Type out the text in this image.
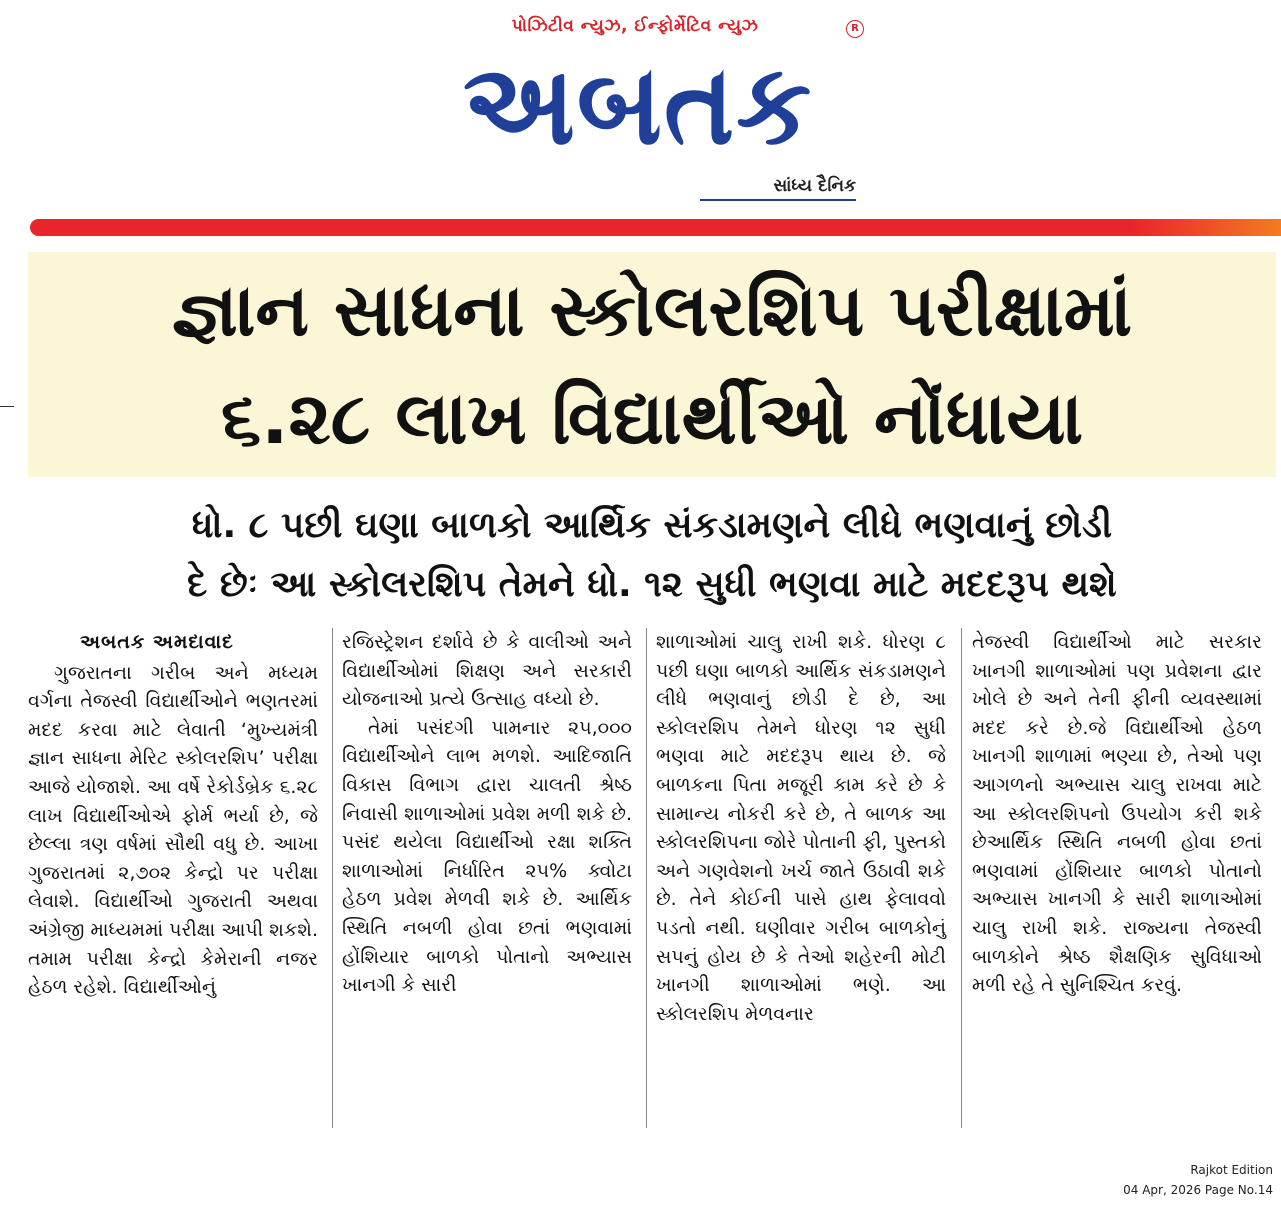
પોઝિટીવ ન્યુઝ, ઈન્ફોર્મેટિવ ન્યુઝ	R
અબતક
સાંધ્ય દૈનિક
જ્ઞાન સાધના સ્કોલરશિપ પરીક્ષામાં
૬.૨૮ લાખ વિદ્યાર્થીઓ નોંધાયા
ધો. ૮ પછી ઘણા બાળકો આર્થિક સંકડામણને લીધે ભણવાનું છોડી
દે છેઃ આ સ્કોલરશિપ તેમને ધો. ૧૨ સુધી ભણવા માટે મદદરૂપ થશે
અબતક અમદાવાદ
ગુજરાતના ગરીબ અને મધ્યમ વર્ગના તેજસ્વી વિદ્યાર્થીઓને ભણતરમાં મદદ કરવા માટે લેવાતી ‘મુખ્યમંત્રી જ્ઞાન સાધના મેરિટ સ્કોલરશિપ’ પરીક્ષા આજે યોજાશે. આ વર્ષે રેકોર્ડબ્રેક ૬.૨૮ લાખ વિદ્યાર્થીઓએ ફોર્મ ભર્યા છે, જે છેલ્લા ત્રણ વર્ષમાં સૌથી વધુ છે. આખા ગુજરાતમાં ૨,૭૦૨ કેન્દ્રો પર પરીક્ષા લેવાશે. વિદ્યાર્થીઓ ગુજરાતી અથવા અંગ્રેજી માધ્યમમાં પરીક્ષા આપી શકશે. તમામ પરીક્ષા કેન્દ્રો કેમેરાની નજર હેઠળ રહેશે. વિદ્યાર્થીઓનું
રજિસ્ટ્રેશન દર્શાવે છે કે વાલીઓ અને વિદ્યાર્થીઓમાં શિક્ષણ અને સરકારી યોજનાઓ પ્રત્યે ઉત્સાહ વધ્યો છે.
તેમાં પસંદગી પામનાર ૨૫,૦૦૦ વિદ્યાર્થીઓને લાભ મળશે. આદિજાતિ વિકાસ વિભાગ દ્વારા ચાલતી શ્રેષ્ઠ નિવાસી શાળાઓમાં પ્રવેશ મળી શકે છે. પસંદ થયેલા વિદ્યાર્થીઓ રક્ષા શક્તિ શાળાઓમાં નિર્ધારિત ૨૫% ક્વોટા હેઠળ પ્રવેશ મેળવી શકે છે. આર્થિક સ્થિતિ નબળી હોવા છતાં ભણવામાં હોંશિયાર બાળકો પોતાનો અભ્યાસ ખાનગી કે સારી
શાળાઓમાં ચાલુ રાખી શકે. ધોરણ ૮ પછી ઘણા બાળકો આર્થિક સંકડામણને લીધે ભણવાનું છોડી દે છે, આ સ્કોલરશિપ તેમને ધોરણ ૧૨ સુધી ભણવા માટે મદદરૂપ થાય છે. જે બાળકના પિતા મજૂરી કામ કરે છે કે સામાન્ય નોકરી કરે છે, તે બાળક આ સ્કોલરશિપના જોરે પોતાની ફી, પુસ્તકો અને ગણવેશનો ખર્ચ જાતે ઉઠાવી શકે છે. તેને કોઈની પાસે હાથ ફેલાવવો પડતો નથી. ઘણીવાર ગરીબ બાળકોનું સપનું હોય છે કે તેઓ શહેરની મોટી ખાનગી શાળાઓમાં ભણે. આ સ્કોલરશિપ મેળવનાર
તેજસ્વી વિદ્યાર્થીઓ માટે સરકાર ખાનગી શાળાઓમાં પણ પ્રવેશના દ્વાર ખોલે છે અને તેની ફીની વ્યવસ્થામાં મદદ કરે છે.જે વિદ્યાર્થીઓ હેઠળ ખાનગી શાળામાં ભણ્યા છે, તેઓ પણ આગળનો અભ્યાસ ચાલુ રાખવા માટે આ સ્કોલરશિપનો ઉપયોગ કરી શકે છેઆર્થિક સ્થિતિ નબળી હોવા છતાં ભણવામાં હોંશિયાર બાળકો પોતાનો અભ્યાસ ખાનગી કે સારી શાળાઓમાં ચાલુ રાખી શકે. રાજ્યના તેજસ્વી બાળકોને શ્રેષ્ઠ શૈક્ષણિક સુવિધાઓ મળી રહે તે સુનિશ્ચિત કરવું.
Rajkot Edition
04 Apr, 2026 Page No.14
